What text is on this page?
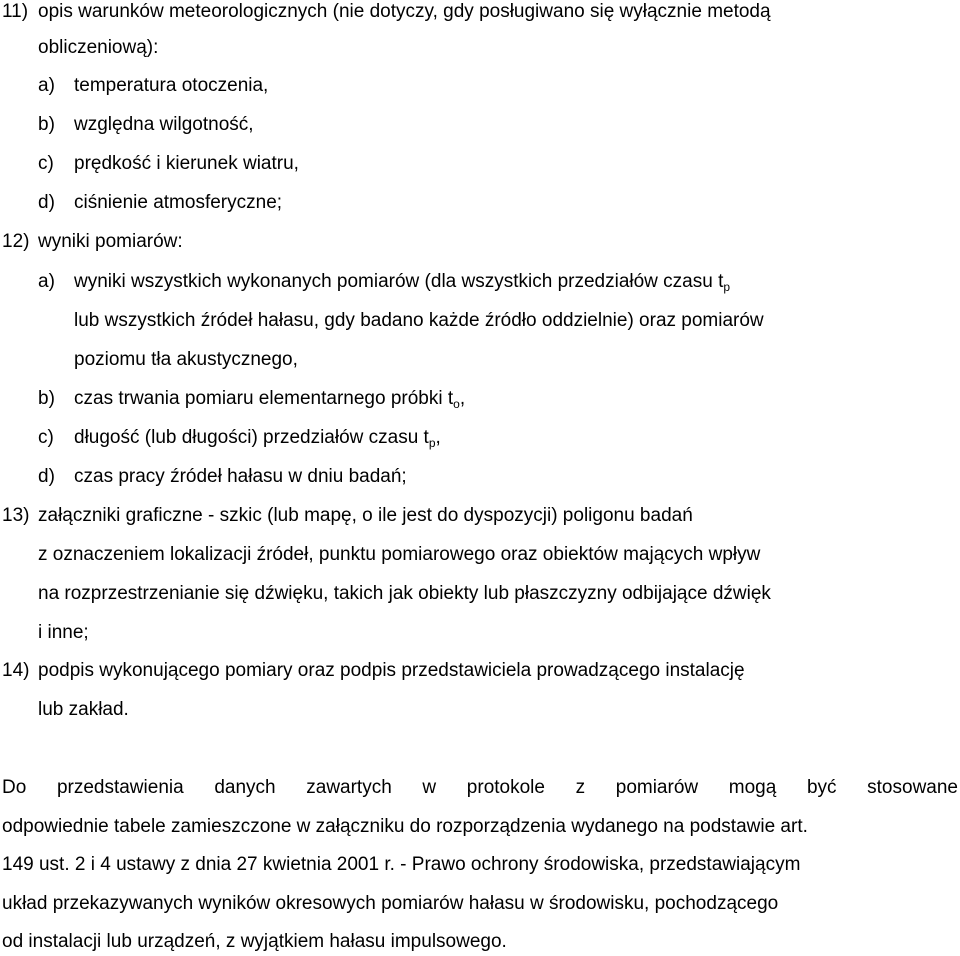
11) opis warunków meteorologicznych (nie dotyczy, gdy posługiwano się wyłącznie metodą
obliczeniową):
a) temperatura otoczenia,
b) względna wilgotność,
c) prędkość i kierunek wiatru,
d) ciśnienie atmosferyczne;
12) wyniki pomiarów:
a) wyniki wszystkich wykonanych pomiarów (dla wszystkich przedziałów czasu $t_p$
lub wszystkich źródeł hałasu, gdy badano każde źródło oddzielnie) oraz pomiarów
poziomu tła akustycznego,
b) czas trwania pomiaru elementarnego próbki $t_o$,
c) długość (lub długości) przedziałów czasu $t_p$,
d) czas pracy źródeł hałasu w dniu badań;
13) załączniki graficzne - szkic (lub mapę, o ile jest do dyspozycji) poligonu badań
z oznaczeniem lokalizacji źródeł, punktu pomiarowego oraz obiektów mających wpływ
na rozprzestrzenianie się dźwięku, takich jak obiekty lub płaszczyzny odbijające dźwięk
i inne;
14) podpis wykonującego pomiary oraz podpis przedstawiciela prowadzącego instalację
lub zakład.
Do przedstawienia danych zawartych w protokole z pomiarów mogą być stosowane
odpowiednie tabele zamieszczone w załączniku do rozporządzenia wydanego na podstawie art.
149 ust. 2 i 4 ustawy z dnia 27 kwietnia 2001 r. - Prawo ochrony środowiska, przedstawiającym
układ przekazywanych wyników okresowych pomiarów hałasu w środowisku, pochodzącego
od instalacji lub urządzeń, z wyjątkiem hałasu impulsowego.
